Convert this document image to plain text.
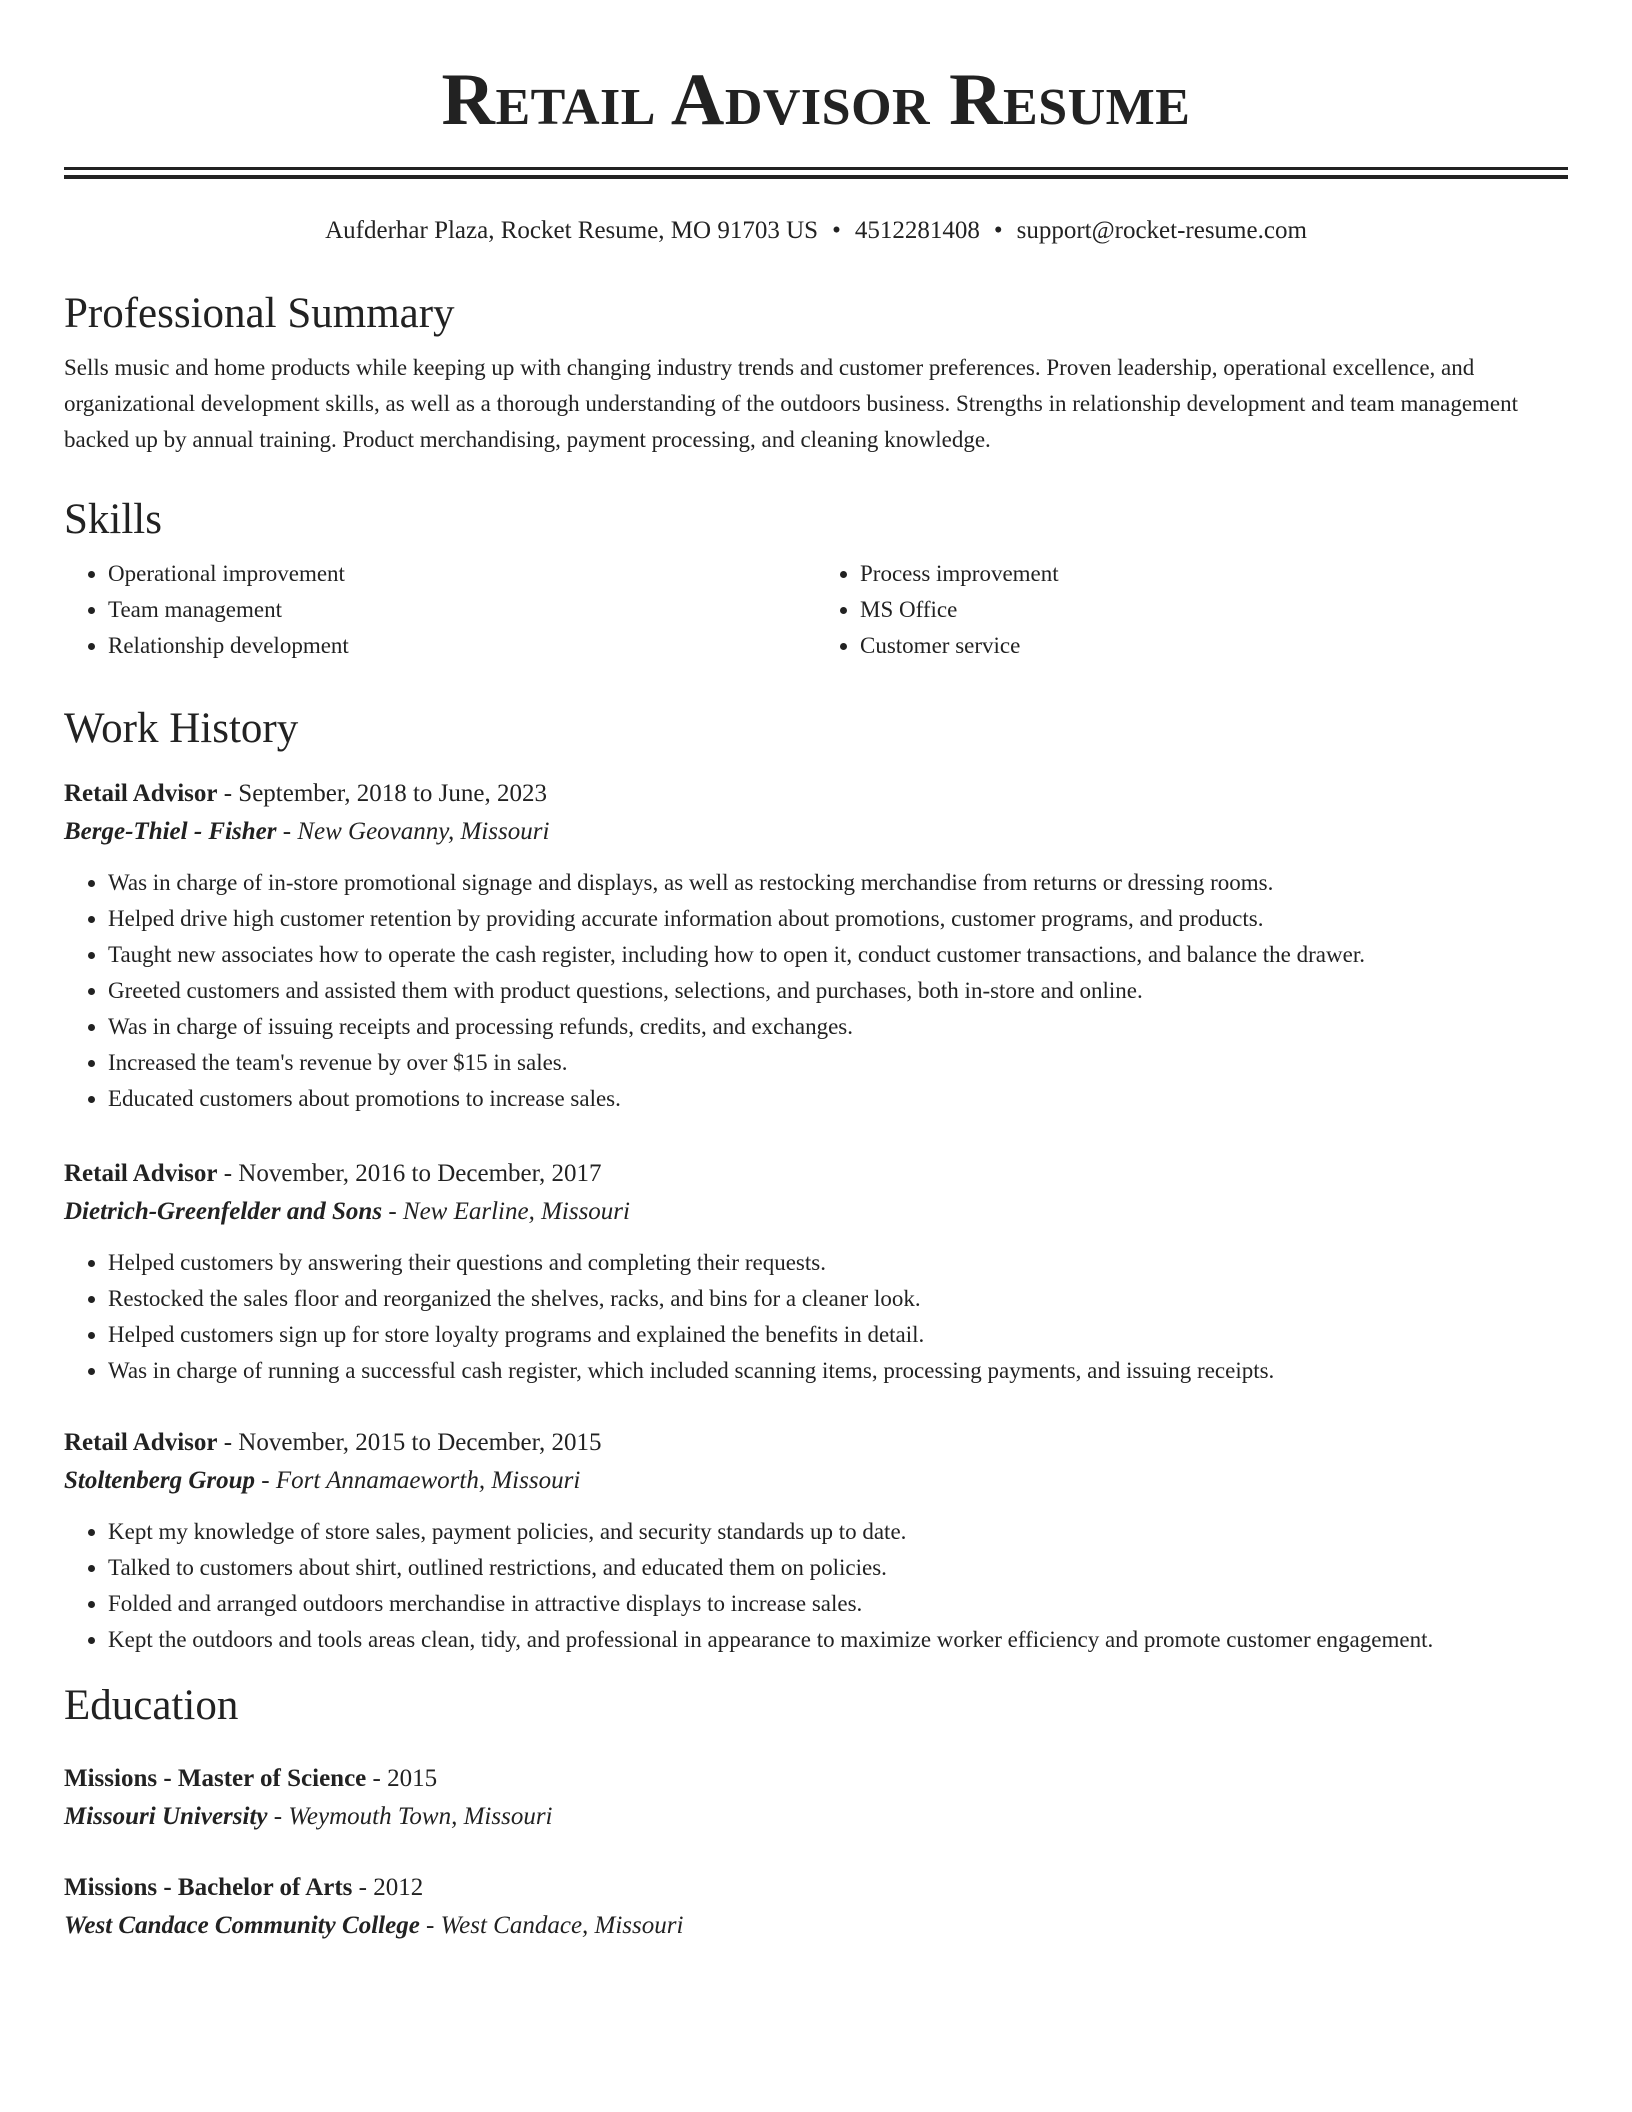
Retail Advisor Resume
Aufderhar Plaza, Rocket Resume, MO 91703 US • 4512281408 • support@rocket-resume.com
Professional Summary

Sells music and home products while keeping up with changing industry trends and customer preferences. Proven leadership, operational excellence, and organizational development skills, as well as a thorough understanding of the outdoors business. Strengths in relationship development and team management backed up by annual training. Product merchandising, payment processing, and cleaning knowledge.

Skills
• Operational improvement
• Team management
• Relationship development
• Process improvement
• MS Office
• Customer service
Work History
Retail Advisor - September, 2018 to June, 2023
Berge-Thiel - Fisher - New Geovanny, Missouri
• Was in charge of in-store promotional signage and displays, as well as restocking merchandise from returns or dressing rooms.
• Helped drive high customer retention by providing accurate information about promotions, customer programs, and products.
• Taught new associates how to operate the cash register, including how to open it, conduct customer transactions, and balance the drawer.
• Greeted customers and assisted them with product questions, selections, and purchases, both in-store and online.
• Was in charge of issuing receipts and processing refunds, credits, and exchanges.
• Increased the team's revenue by over $15 in sales.
• Educated customers about promotions to increase sales.
Retail Advisor - November, 2016 to December, 2017
Dietrich-Greenfelder and Sons - New Earline, Missouri
• Helped customers by answering their questions and completing their requests.
• Restocked the sales floor and reorganized the shelves, racks, and bins for a cleaner look.
• Helped customers sign up for store loyalty programs and explained the benefits in detail.
• Was in charge of running a successful cash register, which included scanning items, processing payments, and issuing receipts.
Retail Advisor - November, 2015 to December, 2015
Stoltenberg Group - Fort Annamaeworth, Missouri
• Kept my knowledge of store sales, payment policies, and security standards up to date.
• Talked to customers about shirt, outlined restrictions, and educated them on policies.
• Folded and arranged outdoors merchandise in attractive displays to increase sales.
• Kept the outdoors and tools areas clean, tidy, and professional in appearance to maximize worker efficiency and promote customer engagement.
Education
Missions - Master of Science - 2015
Missouri University - Weymouth Town, Missouri
Missions - Bachelor of Arts - 2012
West Candace Community College - West Candace, Missouri
